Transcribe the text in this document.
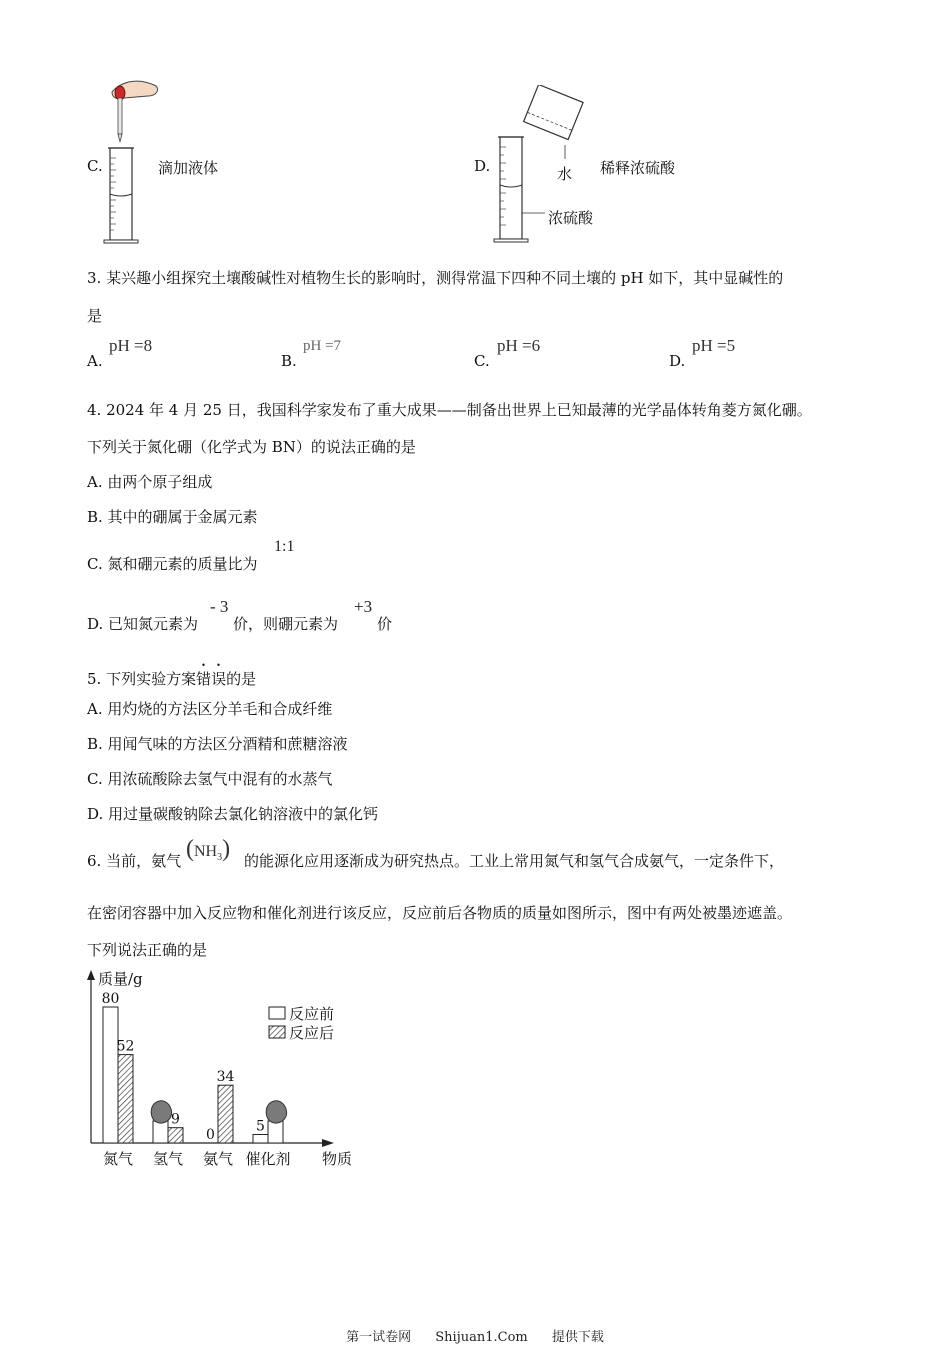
C.	滴加液体	D.	水
浓硫酸
稀释浓硫酸
3. 某兴趣小组探究土壤酸碱性对植物生长的影响时，测得常温下四种不同土壤的 pH 如下，其中显碱性的
是
A.
pH =8
B.
pH =7
C.
pH =6
D.
pH =5
4. 2024 年 4 月 25 日，我国科学家发布了重大成果——制备出世界上已知最薄的光学晶体转角菱方氮化硼。
下列关于氮化硼（化学式为 BN）的说法正确的是
A. 由两个原子组成
B. 其中的硼属于金属元素
C. 氮和硼元素的质量比为
1:1
D. 已知氮元素为
- 3
价，则硼元素为
+3
价
5. 下列实验方案错误的是
A. 用灼烧的方法区分羊毛和合成纤维
B. 用闻气味的方法区分酒精和蔗糖溶液
C. 用浓硫酸除去氢气中混有的水蒸气
D. 用过量碳酸钠除去氯化钠溶液中的氯化钙
6. 当前，氨气 $(NH_3)$ 的能源化应用逐渐成为研究热点。工业上常用氮气和氢气合成氨气，一定条件下，
在密闭容器中加入反应物和催化剂进行该反应，反应前后各物质的质量如图所示，图中有两处被墨迹遮盖。
下列说法正确的是
质量/g
物质
反应前
反应后
80
52
氮气
9
氢气
0
34
氨气
5
催化剂
第一试卷网 Shijuan1.Com 提供下载
